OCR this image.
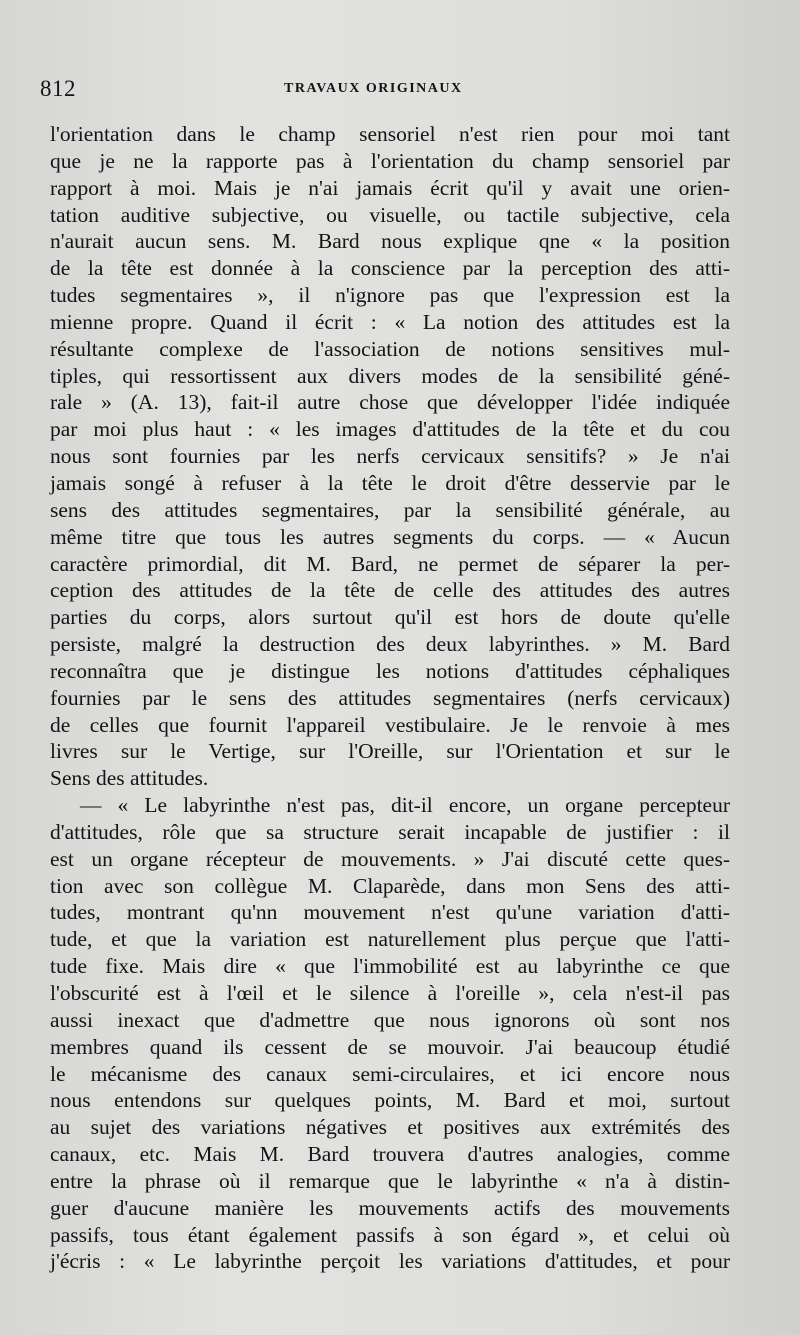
812	TRAVAUX ORIGINAUX
l'orientation dans le champ sensoriel n'est rien pour moi tant
que je ne la rapporte pas à l'orientation du champ sensoriel par
rapport à moi. Mais je n'ai jamais écrit qu'il y avait une orien-
tation auditive subjective, ou visuelle, ou tactile subjective, cela
n'aurait aucun sens. M. Bard nous explique qne « la position
de la tête est donnée à la conscience par la perception des atti-
tudes segmentaires », il n'ignore pas que l'expression est la
mienne propre. Quand il écrit : « La notion des attitudes est la
résultante complexe de l'association de notions sensitives mul-
tiples, qui ressortissent aux divers modes de la sensibilité géné-
rale » (A. 13), fait-il autre chose que développer l'idée indiquée
par moi plus haut : « les images d'attitudes de la tête et du cou
nous sont fournies par les nerfs cervicaux sensitifs? » Je n'ai
jamais songé à refuser à la tête le droit d'être desservie par le
sens des attitudes segmentaires, par la sensibilité générale, au
même titre que tous les autres segments du corps. — « Aucun
caractère primordial, dit M. Bard, ne permet de séparer la per-
ception des attitudes de la tête de celle des attitudes des autres
parties du corps, alors surtout qu'il est hors de doute qu'elle
persiste, malgré la destruction des deux labyrinthes. » M. Bard
reconnaîtra que je distingue les notions d'attitudes céphaliques
fournies par le sens des attitudes segmentaires (nerfs cervicaux)
de celles que fournit l'appareil vestibulaire. Je le renvoie à mes
livres sur le Vertige, sur l'Oreille, sur l'Orientation et sur le
Sens des attitudes.
— « Le labyrinthe n'est pas, dit-il encore, un organe percepteur
d'attitudes, rôle que sa structure serait incapable de justifier : il
est un organe récepteur de mouvements. » J'ai discuté cette ques-
tion avec son collègue M. Claparède, dans mon Sens des atti-
tudes, montrant qu'nn mouvement n'est qu'une variation d'atti-
tude, et que la variation est naturellement plus perçue que l'atti-
tude fixe. Mais dire « que l'immobilité est au labyrinthe ce que
l'obscurité est à l'œil et le silence à l'oreille », cela n'est-il pas
aussi inexact que d'admettre que nous ignorons où sont nos
membres quand ils cessent de se mouvoir. J'ai beaucoup étudié
le mécanisme des canaux semi-circulaires, et ici encore nous
nous entendons sur quelques points, M. Bard et moi, surtout
au sujet des variations négatives et positives aux extrémités des
canaux, etc. Mais M. Bard trouvera d'autres analogies, comme
entre la phrase où il remarque que le labyrinthe « n'a à distin-
guer d'aucune manière les mouvements actifs des mouvements
passifs, tous étant également passifs à son égard », et celui où
j'écris : « Le labyrinthe perçoit les variations d'attitudes, et pour
